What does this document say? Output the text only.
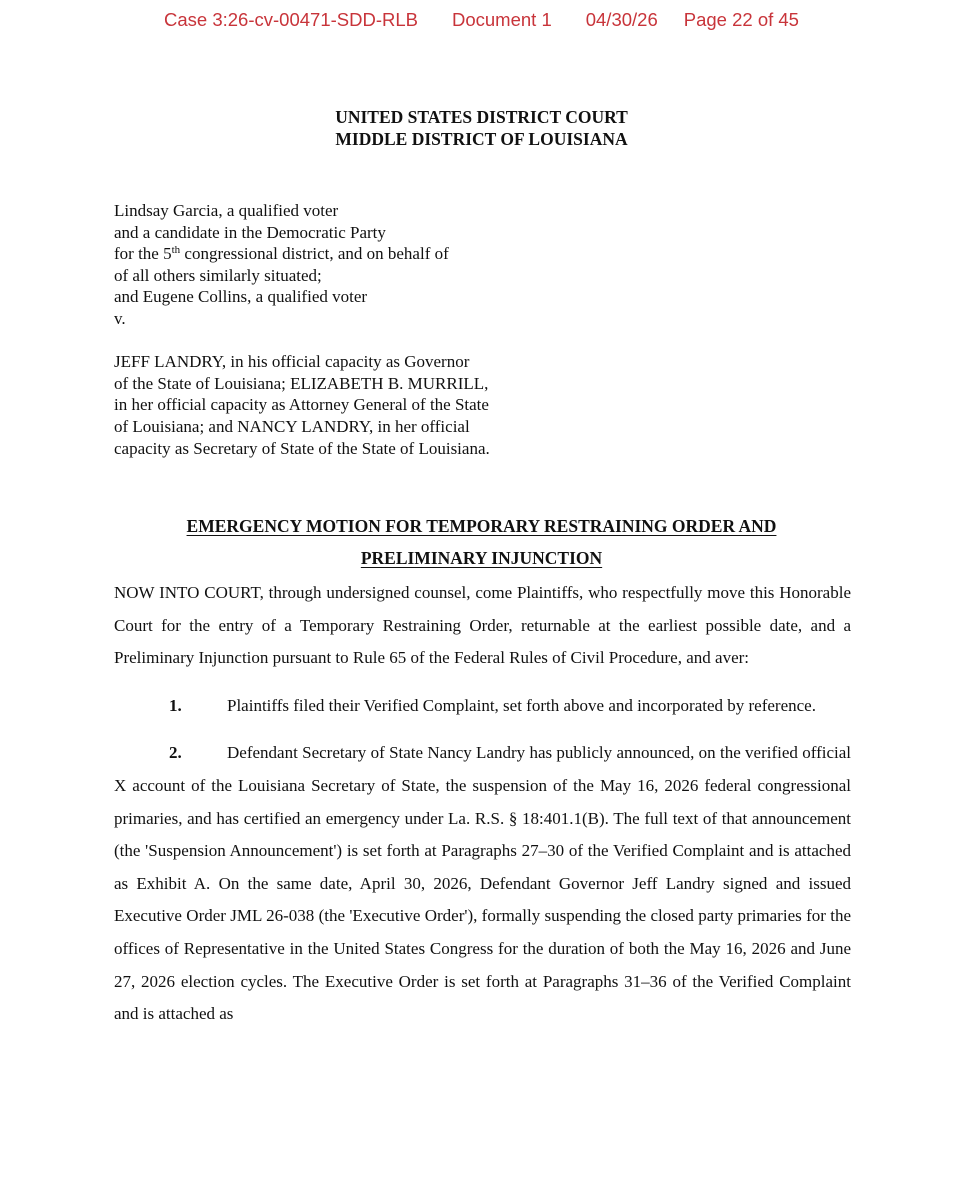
Case 3:26-cv-00471-SDD-RLB Document 1 04/30/26 Page 22 of 45
UNITED STATES DISTRICT COURT
MIDDLE DISTRICT OF LOUISIANA
Lindsay Garcia, a qualified voter
and a candidate in the Democratic Party
for the 5th congressional district, and on behalf of
of all others similarly situated;
and Eugene Collins, a qualified voter
v.
JEFF LANDRY, in his official capacity as Governor
of the State of Louisiana; ELIZABETH B. MURRILL,
in her official capacity as Attorney General of the State
of Louisiana; and NANCY LANDRY, in her official
capacity as Secretary of State of the State of Louisiana.
EMERGENCY MOTION FOR TEMPORARY RESTRAINING ORDER AND
PRELIMINARY INJUNCTION

NOW INTO COURT, through undersigned counsel, come Plaintiffs, who respectfully move this Honorable Court for the entry of a Temporary Restraining Order, returnable at the earliest possible date, and a Preliminary Injunction pursuant to Rule 65 of the Federal Rules of Civil Procedure, and aver:

1.	Plaintiffs filed their Verified Complaint, set forth above and incorporated by reference.

2.	Defendant Secretary of State Nancy Landry has publicly announced, on the verified official X account of the Louisiana Secretary of State, the suspension of the May 16, 2026 federal congressional primaries, and has certified an emergency under La. R.S. § 18:401.1(B). The full text of that announcement (the 'Suspension Announcement') is set forth at Paragraphs 27–30 of the Verified Complaint and is attached as Exhibit A. On the same date, April 30, 2026, Defendant Governor Jeff Landry signed and issued Executive Order JML 26-038 (the 'Executive Order'), formally suspending the closed party primaries for the offices of Representative in the United States Congress for the duration of both the May 16, 2026 and June 27, 2026 election cycles. The Executive Order is set forth at Paragraphs 31–36 of the Verified Complaint and is attached as
